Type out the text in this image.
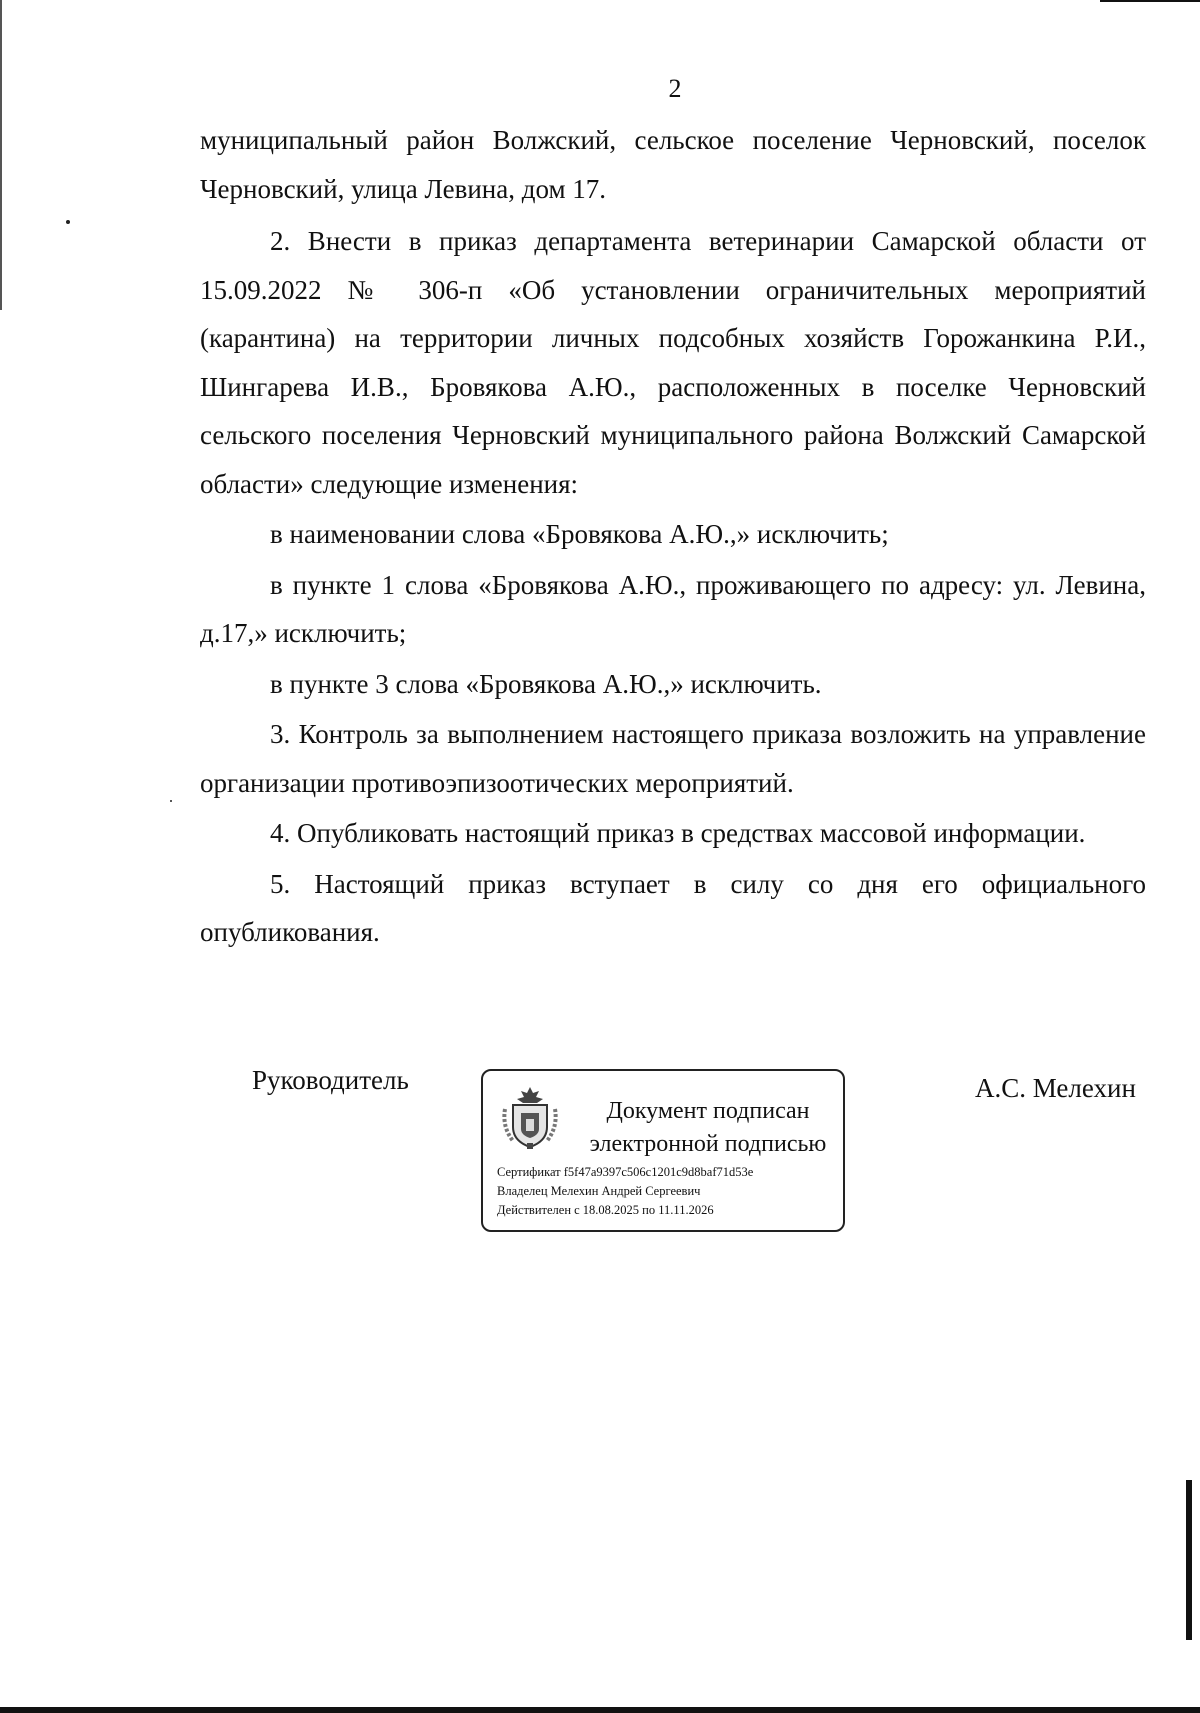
2

муниципальный район Волжский, сельское поселение Черновский, поселок Черновский, улица Левина, дом 17.

2. Внести в приказ департамента ветеринарии Самарской области от 15.09.2022 № 306-п «Об установлении ограничительных мероприятий (карантина) на территории личных подсобных хозяйств Горожанкина Р.И., Шингарева И.В., Бровякова А.Ю., расположенных в поселке Черновский сельского поселения Черновский муниципального района Волжский Самарской области» следующие изменения:

в наименовании слова «Бровякова А.Ю.,» исключить;

в пункте 1 слова «Бровякова А.Ю., проживающего по адресу: ул. Левина, д.17,» исключить;

в пункте 3 слова «Бровякова А.Ю.,» исключить.

3. Контроль за выполнением настоящего приказа возложить на управление организации противоэпизоотических мероприятий.

4. Опубликовать настоящий приказ в средствах массовой информации.

5. Настоящий приказ вступает в силу со дня его официального опубликования.

Руководитель
Документ подписан
электронной подписью
Сертификат f5f47a9397c506c1201c9d8baf71d53e
Владелец Мелехин Андрей Сергеевич
Действителен с 18.08.2025 по 11.11.2026
А.С. Мелехин
